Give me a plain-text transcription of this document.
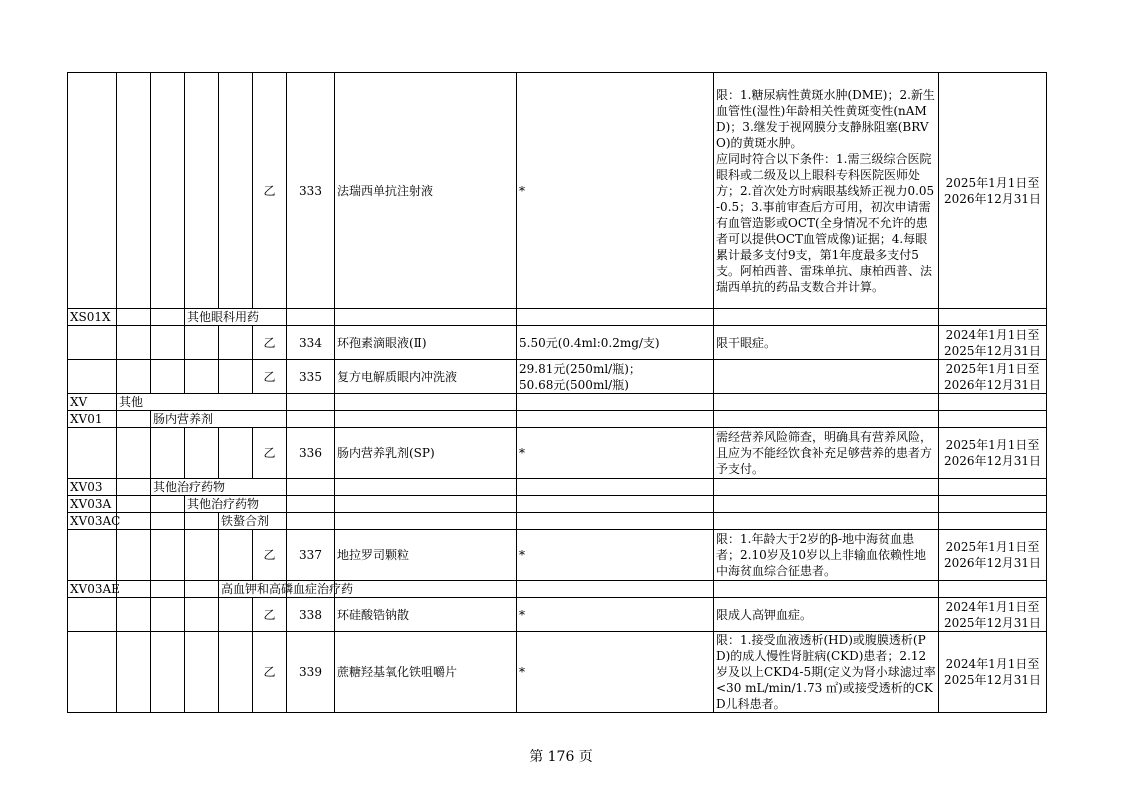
					乙	333	法瑞西单抗注射液	*	限：1.糖尿病性黄斑水肿(DME)；2.新生血管性(湿性)年龄相关性黄斑变性(nAMD)；3.继发于视网膜分支静脉阻塞(BRVO)的黄斑水肿。
应同时符合以下条件：1.需三级综合医院眼科或二级及以上眼科专科医院医师处方；2.首次处方时病眼基线矫正视力0.05-0.5；3.事前审查后方可用，初次申请需有血管造影或OCT(全身情况不允许的患者可以提供OCT血管成像)证据；4.每眼累计最多支付9支，第1年度最多支付5支。阿柏西普、雷珠单抗、康柏西普、法瑞西单抗的药品支数合并计算。	2025年1月1日至
2026年12月31日
XS01X			其他眼科用药							
					乙	334	环孢素滴眼液(Ⅱ)	5.50元(0.4ml:0.2mg/支)	限干眼症。	2024年1月1日至
2025年12月31日
					乙	335	复方电解质眼内冲洗液	29.81元(250ml/瓶)；
50.68元(500ml/瓶)		2025年1月1日至
2026年12月31日
XV	其他									
XV01		肠内营养剂								
					乙	336	肠内营养乳剂(SP)	*	需经营养风险筛查，明确具有营养风险，且应为不能经饮食补充足够营养的患者方予支付。	2025年1月1日至
2026年12月31日
XV03		其他治疗药物								
XV03A			其他治疗药物							
XV03AC				铁螯合剂						
					乙	337	地拉罗司颗粒	*	限：1.年龄大于2岁的β-地中海贫血患者；2.10岁及10岁以上非输血依赖性地中海贫血综合征患者。	2025年1月1日至
2026年12月31日
XV03AE				高血钾和高磷血症治疗药						
					乙	338	环硅酸锆钠散	*	限成人高钾血症。	2024年1月1日至
2025年12月31日
					乙	339	蔗糖羟基氧化铁咀嚼片	*	限：1.接受血液透析(HD)或腹膜透析(PD)的成人慢性肾脏病(CKD)患者；2.12岁及以上CKD4-5期(定义为肾小球滤过率<30 mL/min/1.73 ㎡)或接受透析的CKD儿科患者。	2024年1月1日至
2025年12月31日
第 176 页
